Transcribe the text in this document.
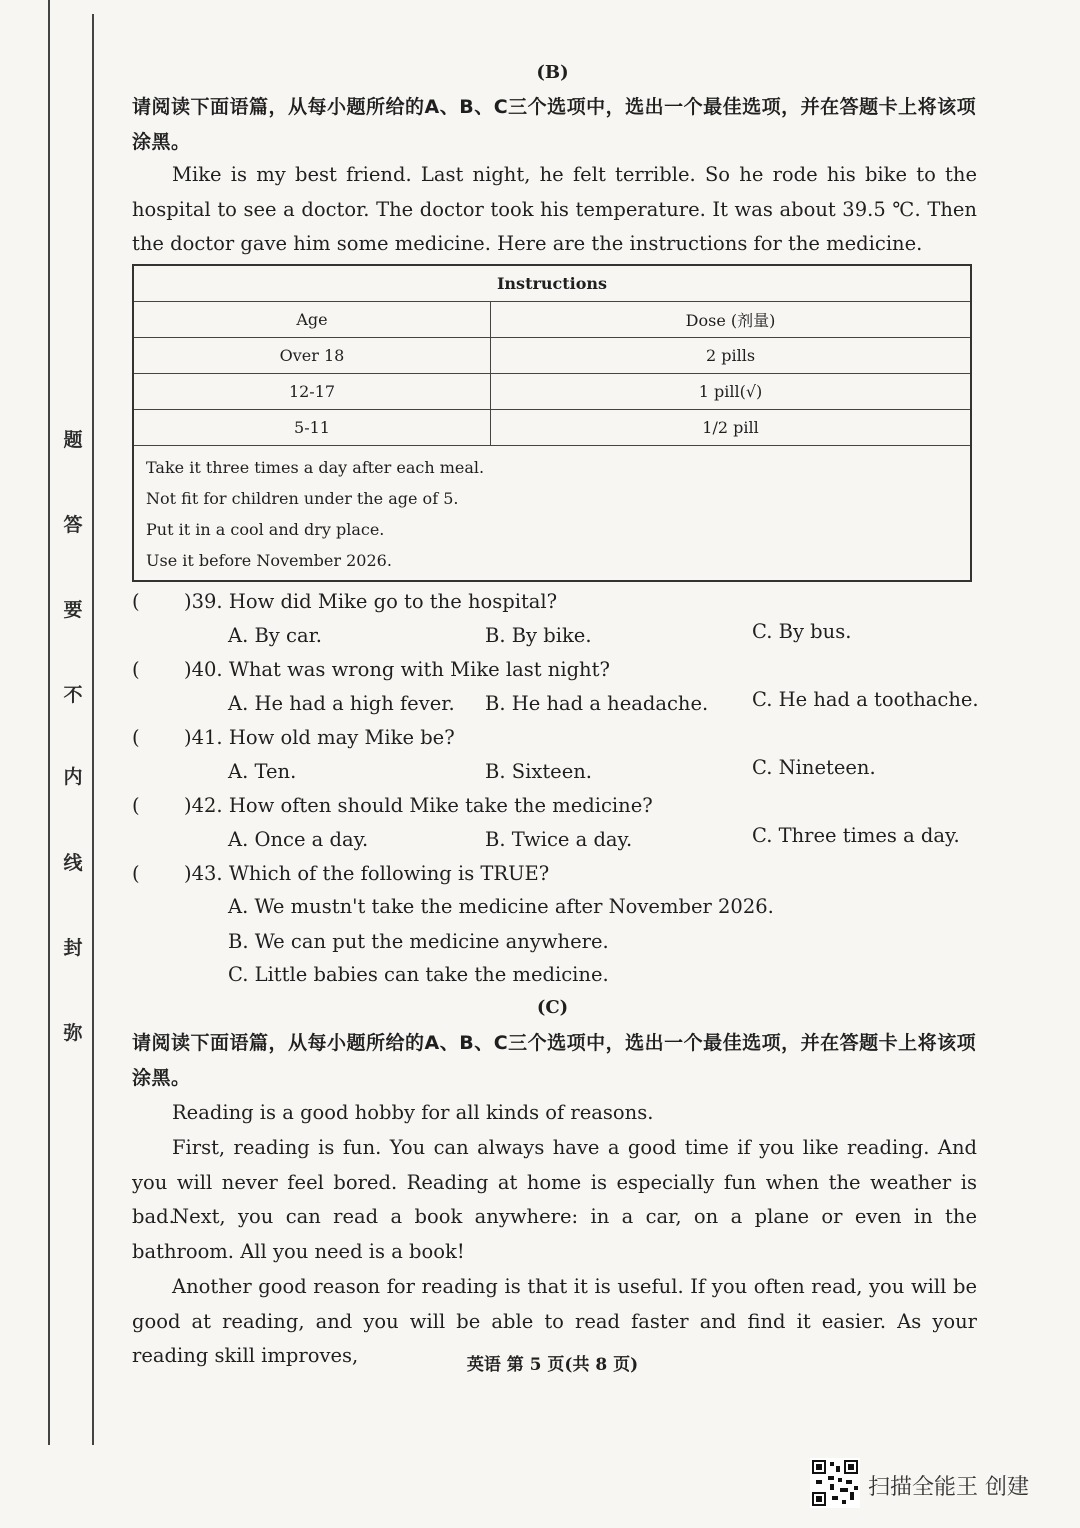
题
答
要
不
内
线
封
弥
(B)
请阅读下面语篇，从每小题所给的A、B、C三个选项中，选出一个最佳选项，并在答题卡上将该项涂黑。
Mike is my best friend. Last night, he felt terrible. So he rode his bike to the hospital to see a doctor. The doctor took his temperature. It was about 39.5 ℃. Then the doctor gave him some medicine. Here are the instructions for the medicine.
Instructions	
Age	Dose (剂量)
Over 18	2 pills
12-17	1 pill(√)
5-11	1/2 pill

Take it three times a day after each meal.
Not fit for children under the age of 5.
Put it in a cool and dry place.
Use it before November 2026.	
( )39. How did Mike go to the hospital?
A. By car.	B. By bike.	C. By bus.
( )40. What was wrong with Mike last night?
A. He had a high fever. B. He had a headache. C. He had a toothache.
( )41. How old may Mike be?
A. Ten.	B. Sixteen.	C. Nineteen.
( )42. How often should Mike take the medicine?
A. Once a day.	B. Twice a day.	C. Three times a day.
( )43. Which of the following is TRUE?
A. We mustn't take the medicine after November 2026.
B. We can put the medicine anywhere.
C. Little babies can take the medicine.
(C)
请阅读下面语篇，从每小题所给的A、B、C三个选项中，选出一个最佳选项，并在答题卡上将该项涂黑。
Reading is a good hobby for all kinds of reasons.
First, reading is fun. You can always have a good time if you like reading. And you will never feel bored. Reading at home is especially fun when the weather is bad.
Next, you can read a book anywhere: in a car, on a plane or even in the bathroom. All you need is a book!
Another good reason for reading is that it is useful. If you often read, you will be good at reading, and you will be able to read faster and find it easier. As your reading skill improves,	英语 第 5 页(共 8 页)
扫描全能王 创建
